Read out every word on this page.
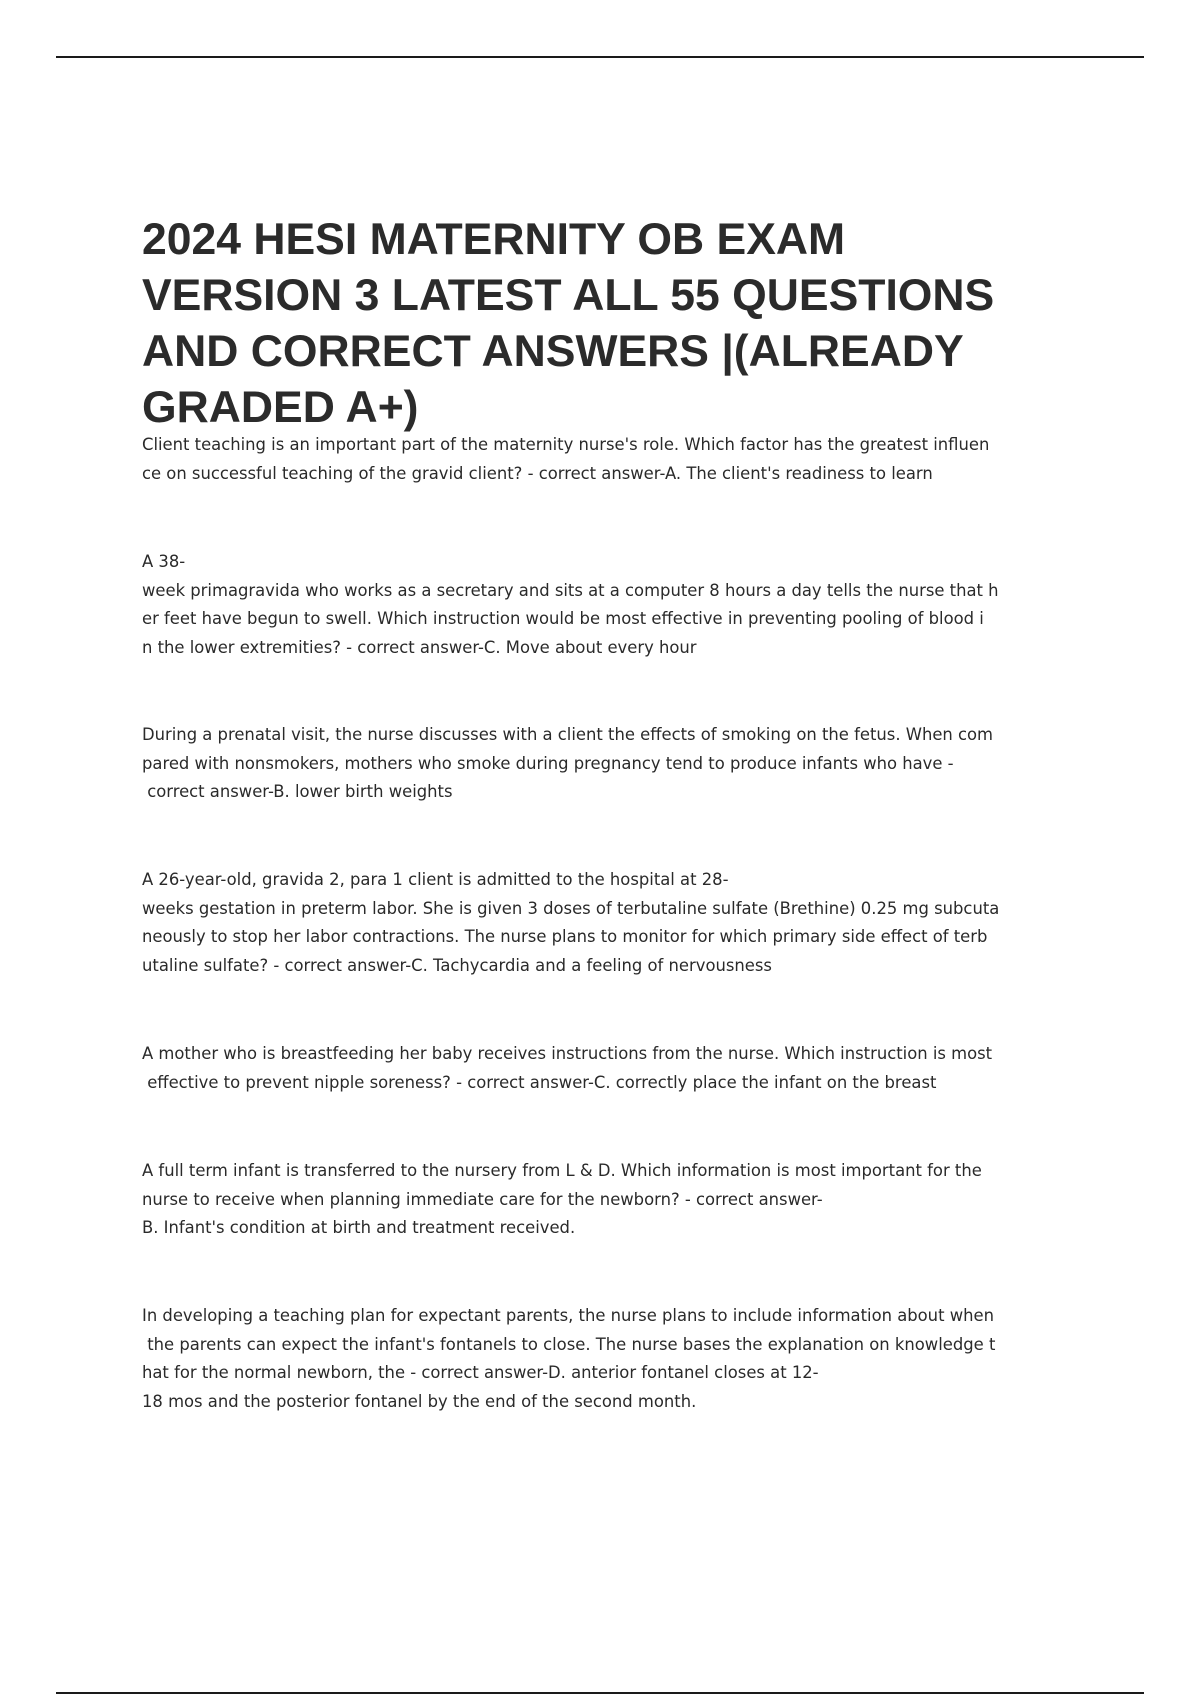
2024 HESI MATERNITY OB EXAM
VERSION 3 LATEST ALL 55 QUESTIONS
AND CORRECT ANSWERS |(ALREADY
GRADED A+)

Client teaching is an important part of the maternity nurse's role. Which factor has the greatest influen
ce on successful teaching of the gravid client? - correct answer-A. The client's readiness to learn

A 38-
week primagravida who works as a secretary and sits at a computer 8 hours a day tells the nurse that h
er feet have begun to swell. Which instruction would be most effective in preventing pooling of blood i
n the lower extremities? - correct answer-C. Move about every hour

During a prenatal visit, the nurse discusses with a client the effects of smoking on the fetus. When com
pared with nonsmokers, mothers who smoke during pregnancy tend to produce infants who have -
correct answer-B. lower birth weights

A 26-year-old, gravida 2, para 1 client is admitted to the hospital at 28-
weeks gestation in preterm labor. She is given 3 doses of terbutaline sulfate (Brethine) 0.25 mg subcuta
neously to stop her labor contractions. The nurse plans to monitor for which primary side effect of terb
utaline sulfate? - correct answer-C. Tachycardia and a feeling of nervousness

A mother who is breastfeeding her baby receives instructions from the nurse. Which instruction is most
effective to prevent nipple soreness? - correct answer-C. correctly place the infant on the breast

A full term infant is transferred to the nursery from L & D. Which information is most important for the
nurse to receive when planning immediate care for the newborn? - correct answer-
B. Infant's condition at birth and treatment received.

In developing a teaching plan for expectant parents, the nurse plans to include information about when
the parents can expect the infant's fontanels to close. The nurse bases the explanation on knowledge t
hat for the normal newborn, the - correct answer-D. anterior fontanel closes at 12-
18 mos and the posterior fontanel by the end of the second month.
